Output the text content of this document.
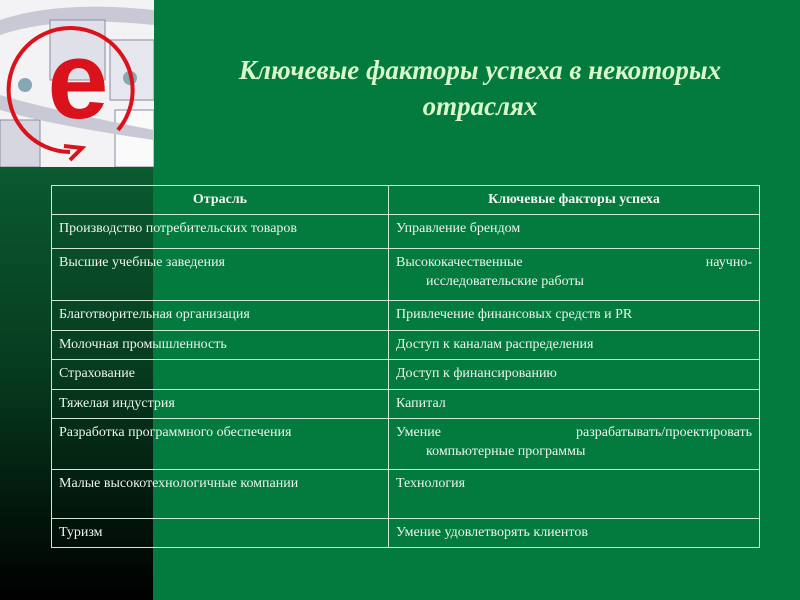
e	Ключевые факторы успеха в некоторых отраслях
Отрасль	Ключевые факторы успеха
Производство потребительских товаров	Управление брендом
Высшие учебные заведения	Высококачественные научно-
исследовательские работы

Благотворительная организация	Привлечение финансовых средств и PR
Молочная промышленность	Доступ к каналам распределения
Страхование	Доступ к финансированию
Тяжелая индустрия	Капитал
Разработка программного обеспечения	Умение разрабатывать/проектировать
компьютерные программы

Малые высокотехнологичные компании	Технология
Туризм	Умение удовлетворять клиентов
